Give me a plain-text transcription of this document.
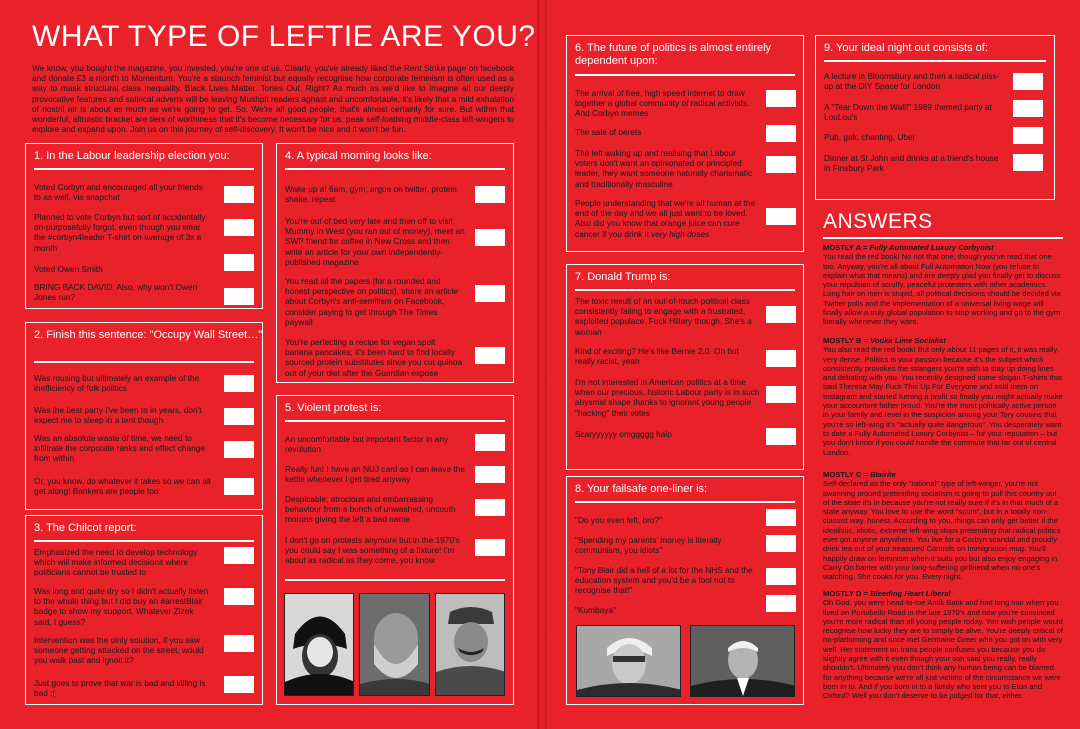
WHAT TYPE OF LEFTIE ARE YOU?
We know, you bought the magazine, you invested, you're one of us. Clearly, you've already liked the Rent Strike page on facebook and donate £3 a month to Momentum. You're a staunch feminist but equally recognise how corporate feminism is often used as a way to mask structural class inequality. Black Lives Matter. Tories Out. Right? As much as we'd like to imagine all our deeply provocative features and satirical adverts will be leaving Mushplt readers aghast and uncomfortable, it's likely that a mild exhalation of nostril air is about as much as we're going to get. So. We're all good people, that's almost certainly for sure. But within that wonderful, altruistic bracket are tiers of worthiness that it's become necessary for us, peak self-loathing middle-class left-wingers to explore and expand upon. Join us on this journey of self-discovery. It won't be nice and it won't be fun.
1. In the Labour leadership election you:
Voted Corbyn and encouraged all your friends to as well, via snapchat
Planned to vote Corbyn but sort of accidentally on-purposefully forgot, even though you wear the #corbyn4leader T-shirt on average of 3x a month
Voted Owen Smith
BRING BACK DAVID. Also, why won't Owen Jones run?
2. Finish this sentence: "Occupy Wall Street…"
Was rousing but ultimately an example of the inefficiency of folk politics
Was the best party I've been to in years, don't expect me to sleep in a tent though
Was an absolute waste of time, we need to infiltrate the corporate ranks and effect change from within
Or, you know, do whatever it takes so we can all get along! Bankers are people too
3. The Chilcot report:
Emphasized the need to develop technology which will make informed decisions where politicians cannot be trusted to
Was long and quite dry so I didn't actually listen to the whole thing but I did buy an #arrestBlair badge to show my support. Whatever Zizek said, I guess?
Intervention was the olnly solution, if you saw someone getting attacked on the street, would you walk past and ignoit it?
Just goes to prove that war is bad and killing is bad :(
4. A typical morning looks like:
Wake up at 6am, gym, argue on twitter, protein shake, repeat
You're out of bed very late and then off to visit Mummy in West (you ran out of money), meet an SWP friend for coffee in New Cross and then write an article for your own independently-published magazine
You read all the papers (for a rounded and honest perspective on politics), share an article about Corbyn's anti-semitism on Facebook, consider paying to get through The Times paywall
You're perfecting a recipe for vegan spelt banana pancakes; it's been hard to find locally sourced protein substitutes since you cut quinoa out of your diet after the Guardian expose
5. Violent protest is:
An uncomfortable but important factor in any revolution
Really fun! I have an NUJ card so I can leave the kettle whenever I get tired anyway
Despicable, atrocious and embarrassing behaviour from a bunch of unwashed, uncouth morons giving the left a bad name
I don't go on protests anymore but in the 1970's you could say I was something of a fixture! I'm about as radical as they come, you know
6. The future of politics is almost entirely dependent upon:
The arrival of free, high speed internet to draw together a global community of radical activists. And Corbyn memes
The sale of berets
The left waking up and realising that Labour voters don't want an opinionated or principled leader, they want someone naturally charismatic and traditionally masculine
People understanding that we're all human at the end of the day and we all just want to be loved. Also did you know that orange juice can cure cancer if you drink it very high doses
7. Donald Trump is:
The toxic result of an out-of-touch political class consistently failing to engage with a frustrated, exploited populace. Fuck Hillary though. She's a woman
Kind of exciting? He's like Bernie 2.0. Oh but really racist, yeah
I'm not interested in American politics at a time when our precious, historic Labour party is in such abysmal shape thanks to ignorant young people "hacking" their votes
Scaryyyyyy omggggg halp
8. Your failsafe one-liner is:
"Do you even left, bro?"
"Spending my parents' money is literally communism, you idiots"
"Tony Blair did a hell of a lot for the NHS and the education system and you'd be a fool not to recognise that!"
"Kumbaya"
9. Your ideal night out consists of:
A lecture in Bloomsbury and then a radical piss-up at the DIY Space for London
A "Tear Down the Wall!" 1989 themed party at LouLou's
Pub, gak, chanting, Uber
Dinner at St John and drinks at a friend's house in Finsbury Park
ANSWERS
MOSTLY A = Fully Automated Luxury Corbynist
You read the red book! No not that one, though you've read that one too. Anyway, you're all about Full Automation Now (you refuse to explain what that means) and are deeply glad you finally get to discuss your repulsion of scruffy, peaceful protesters with other academics. Long hair on men is stupid, all political decisions should be decided via Twitter polls and the implementation of a universal living wage will finally allow a truly global population to stop working and go to the gym literally whenever they want.
MOSTLY B = Vodka Lime Socialist
You also read the red book! But only about 11 pages of it, it was really, very dense. Politics is your passion because it's the subject which consistently provokes the strangers you're with to stay up doing lines and debating with you. You recently designed some slogan T-shirts that said Theresa May Fuck This Up For Everyone and sold them on Instagram and started turning a profit so finally you might actually make your accountant father proud. You're the most politically active person in your family and revel in the suspicion among your Tory cousins that you're so left-wing it's "actually quite dangerous". You desperately want to date a Fully Automated Luxury Corbynist – for your reputation – but you don't know if you could handle the commute that far out of central London.
MOSTLY C = Blairite
Self-declared as the only "rational" type of left-winger, you're not swanning around pretending socialism is going to pull this country out of the state it's in because you're not really sure if it's in that much of a state anyway. You love to use the word "scum", but in a totally non-classist way, honest. According to you, things can only get better if the idealistic, idiotic, extreme left-wing stops pretending that radical politics ever got anyone anywhere. You live for a Corbyn scandal and proudly drink tea out of your treasured Controls on Immigration mug. You'll happily draw on feminism when it suits you but also enjoy engaging in Carry On banter with your long-suffering girlfriend when no-one's watching. She cooks for you. Every night.
MOSTLY D = Bleeding Heart Liberal
Oh God, you were head-to-toe Antik Batik and had long hair when you lived on Portobello Road in the late 1970's and now you're convinced you're more radical than all young people today. You wish people would recognise how lucky they are to simply be alive. You're deeply critical of no-platforming and once met Germaine Greer who you got on with very well. Her statement on trans people confuses you because you do slightly agree with it even though your son said you really, really shouldn't. Ultimately you don't think any human being can be blamed for anything because we're all just victims of the circumstance we were born in to. And if you born in to a family who sent you to Eton and Oxford? Well you don't deserve to be judged for that, either.
